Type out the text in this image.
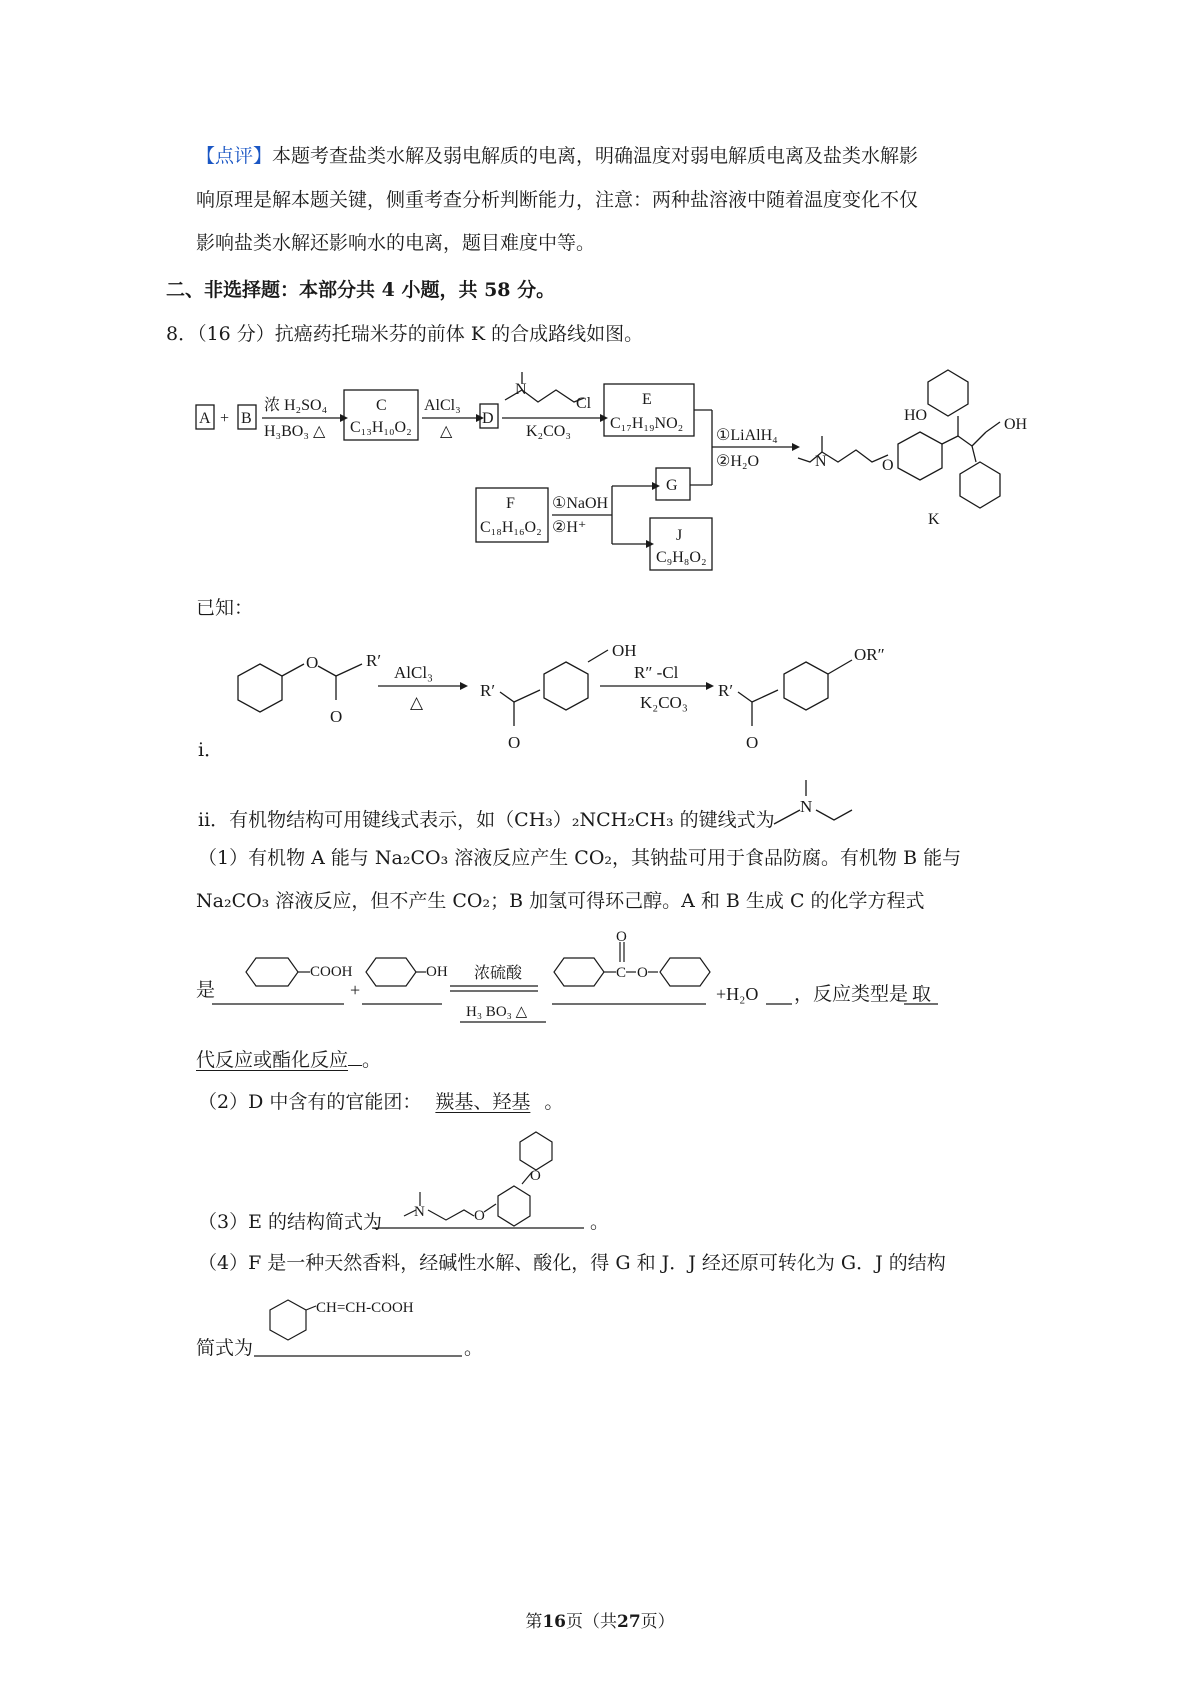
【点评】本题考查盐类水解及弱电解质的电离，明确温度对弱电解质电离及盐类水解影
响原理是解本题关键，侧重考查分析判断能力，注意：两种盐溶液中随着温度变化不仅
影响盐类水解还影响水的电离，题目难度中等。
二、非选择题：本部分共 4 小题，共 58 分。
8．（16 分）抗癌药托瑞米芬的前体 K 的合成路线如图。
A + B
浓 H₂SO₄
H₃BO₃ △
C
C₁₃H₁₀O₂
AlCl₃
△
D
N
Cl
K₂CO₃
E
C₁₇H₁₉NO₂
①LiAlH₄
②H₂O
G
F
C₁₈H₁₆O₂
①NaOH
②H⁺	J
C₉H₈O₂
HO
OH
N	O
K
已知：
O	R′
O
AlCl₃
△
R′
OH
O
R″ -Cl
K₂CO₃
R′
OR″
O
i．
ii．有机物结构可用键线式表示，如（CH₃）₂NCH₂CH₃ 的键线式为
N
（1）有机物 A 能与 Na₂CO₃ 溶液反应产生 CO₂，其钠盐可用于食品防腐。有机物 B 能与
Na₂CO₃ 溶液反应，但不产生 CO₂；B 加氢可得环己醇。A 和 B 生成 C 的化学方程式
是
COOH
+
OH 浓硫酸
H₃ BO₃ △
O
C O
+H₂O ，反应类型是 取
代反应或酯化反应 。
（2）D 中含有的官能团： 羰基、羟基 。
（3）E 的结构简式为 N	O
O
。
（4）F 是一种天然香料，经碱性水解、酸化，得 G 和 J．J 经还原可转化为 G．J 的结构
简式为
CH=CH-COOH
。
第16页（共27页）
